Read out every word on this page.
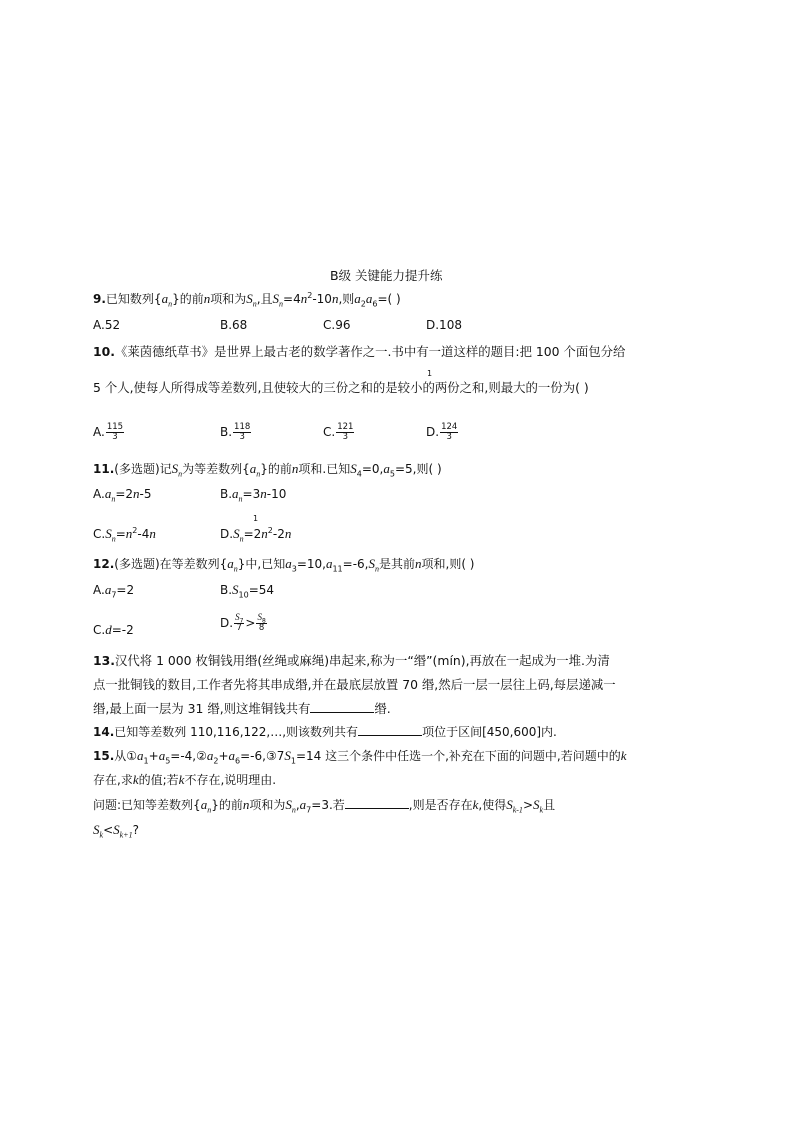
B级 关键能力提升练
9.已知数列$\{a_n\}$的前n项和为$S_n$,且$S_n=4n^2-10n$,则$a_2a_6=$( )
A.52	B.68	C.96	D.108
10.《莱茵德纸草书》是世界上最古老的数学著作之一.书中有一道这样的题目:把 100 个面包分给
1
5 个人,使每人所得成等差数列,且使较大的三份之和的是较小的两份之和,则最大的一份为( )
A. $\frac{115}{3}$	B. $\frac{118}{3}$	C. $\frac{121}{3}$	D. $\frac{124}{3}$
11.(多选题)记$S_n$为等差数列$\{a_n\}$的前n项和.已知$S_4=0,a_5=5$,则( )
$A.a_n=2n-5$	$B.a_n=3n-10$
$C.S_n=n^2-4n$
1
$D.S_n=2n^2-2n$
12.(多选题)在等差数列$\{a_n\}$中,已知$a_3=10,a_{11}=-6,S_n$是其前n项和,则( )
$A.a_7=2$	$B.S_{10}=54$
C.d=-2	D. $\frac{S_7}{7} > \frac{S_8}{8}$
13.汉代将 1 000 枚铜钱用缗(丝绳或麻绳)串起来,称为一“缗”(mín),再放在一起成为一堆.为清
点一批铜钱的数目,工作者先将其串成缗,并在最底层放置 70 缗,然后一层一层往上码,每层递减一
缗,最上面一层为 31 缗,则这堆铜钱共有	缗.
14.已知等差数列 110,116,122,…,则该数列共有	项位于区间[450,600]内.
15.从$①a_1+a_5=-4,②a_2+a_6=-6,③7S_1=14$ 这三个条件中任选一个,补充在下面的问题中,若问题中的k
存在,求k的值;若k不存在,说明理由.
问题:已知等差数列$\{a_n\}$的前n项和为$S_n,a_7=3$.若	,则是否存在k,使得$S_{k-1}>S_k$且
$S_k<S_{k+1}$?
